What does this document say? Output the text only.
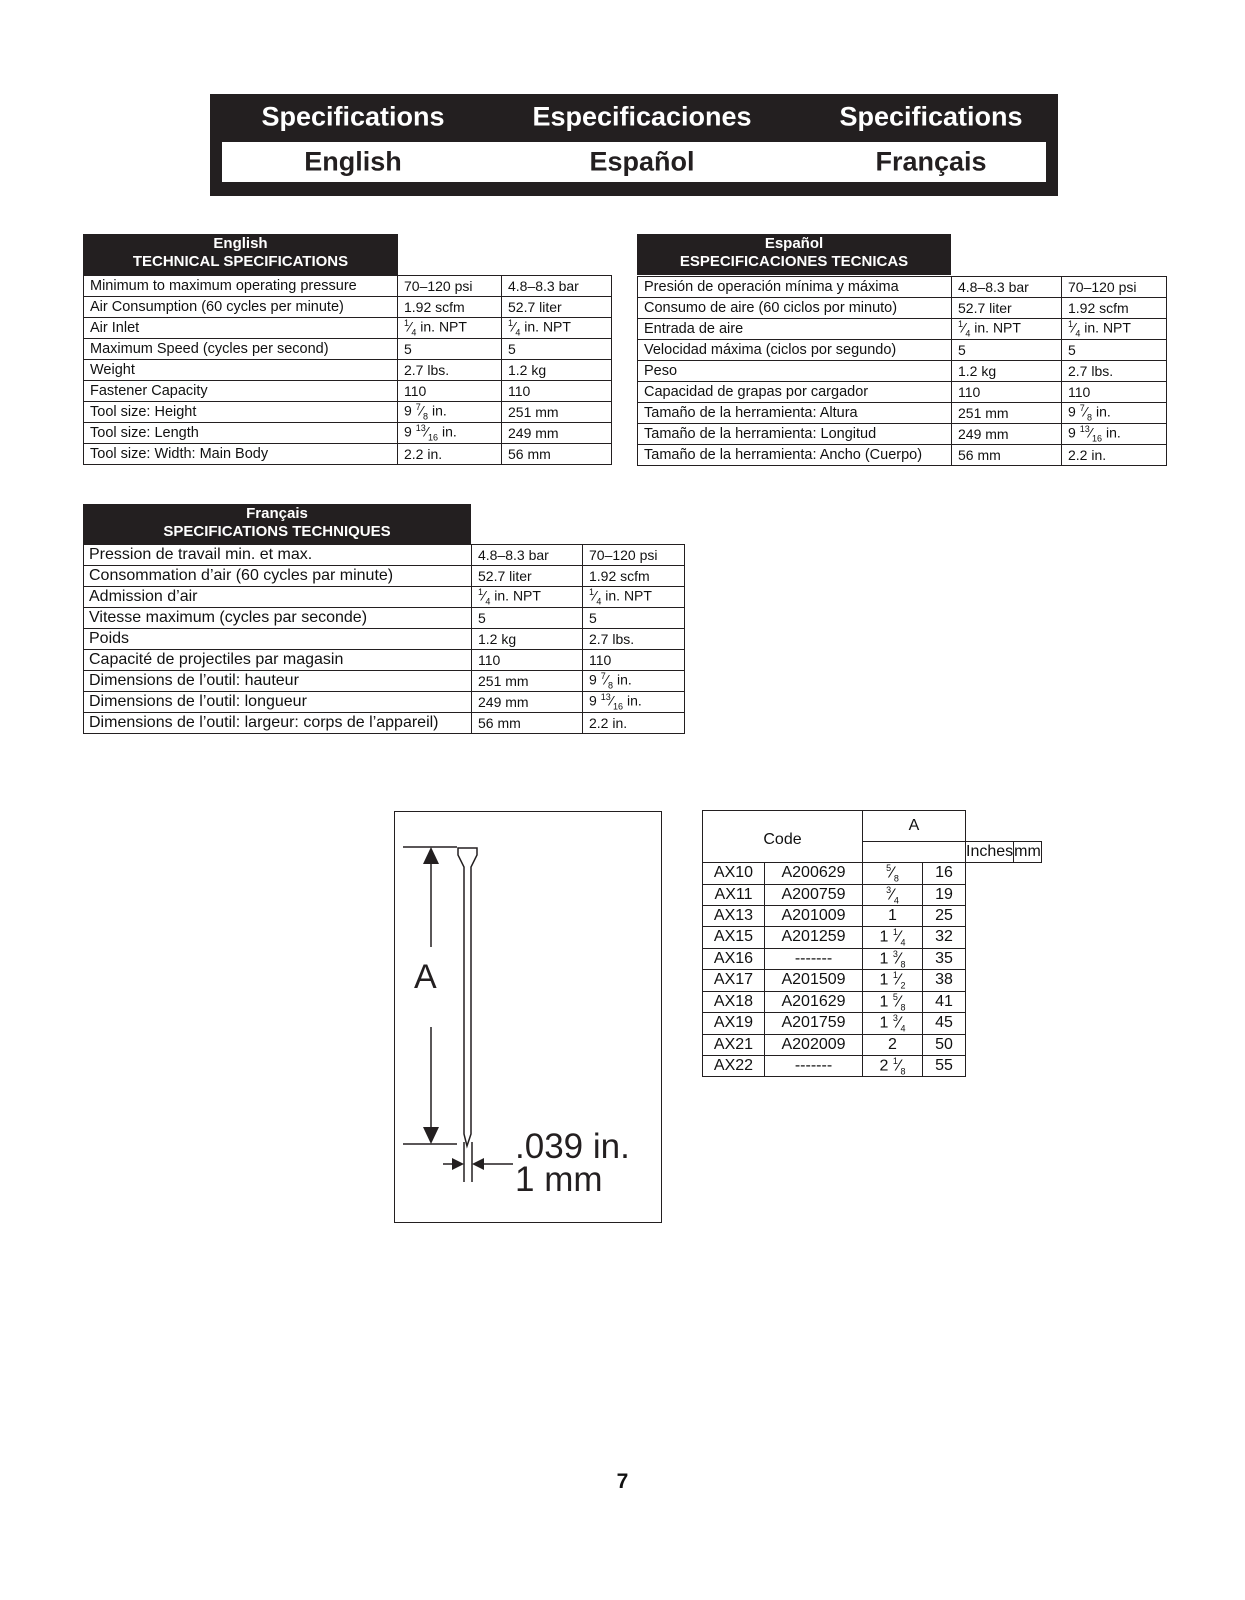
Specifications	Especificaciones	Specifications
English	Español	Français
English
TECHNICAL SPECIFICATIONS
Minimum to maximum operating pressure	70–120 psi	4.8–8.3 bar
Air Consumption (60 cycles per minute)	1.92 scfm	52.7 liter
Air Inlet	$^1⁄_4$ in. NPT	$^1⁄_4$ in. NPT
Maximum Speed (cycles per second)	5	5
Weight	2.7 lbs.	1.2 kg
Fastener Capacity	110	110
Tool size: Height	9 $^7⁄_8$ in.	251 mm
Tool size: Length	9 $^{13}⁄_{16}$ in.	249 mm
Tool size: Width: Main Body	2.2 in.	56 mm
Español
ESPECIFICACIONES TECNICAS
Presión de operación mínima y máxima	4.8–8.3 bar	70–120 psi
Consumo de aire (60 ciclos por minuto)	52.7 liter	1.92 scfm
Entrada de aire	$^1⁄_4$ in. NPT	$^1⁄_4$ in. NPT
Velocidad máxima (ciclos por segundo)	5	5
Peso	1.2 kg	2.7 lbs.
Capacidad de grapas por cargador	110	110
Tamaño de la herramienta: Altura	251 mm	9 $^7⁄_8$ in.
Tamaño de la herramienta: Longitud	249 mm	9 $^{13}⁄_{16}$ in.
Tamaño de la herramienta: Ancho (Cuerpo)	56 mm	2.2 in.
Français
SPECIFICATIONS TECHNIQUES
Pression de travail min. et max.	4.8–8.3 bar	70–120 psi
Consommation d’air (60 cycles par minute)	52.7 liter	1.92 scfm
Admission d’air	$^1⁄_4$ in. NPT	$^1⁄_4$ in. NPT
Vitesse maximum (cycles par seconde)	5	5
Poids	1.2 kg	2.7 lbs.
Capacité de projectiles par magasin	110	110
Dimensions de l’outil: hauteur	251 mm	9 $^7⁄_8$ in.
Dimensions de l’outil: longueur	249 mm	9 $^{13}⁄_{16}$ in.
Dimensions de l’outil: largeur: corps de l’appareil)	56 mm	2.2 in.
A
.039 in.
1 mm
Code		A			
				Inches	mm
AX10	A200629	$^5⁄_8$	16		
AX11	A200759	$^3⁄_4$	19		
AX13	A201009	1	25		
AX15	A201259	1 $^1⁄_4$	32		
AX16	-------	1 $^3⁄_8$	35		
AX17	A201509	1 $^1⁄_2$	38		
AX18	A201629	1 $^5⁄_8$	41		
AX19	A201759	1 $^3⁄_4$	45		
AX21	A202009	2	50		
AX22	-------	2 $^1⁄_8$	55		
7
